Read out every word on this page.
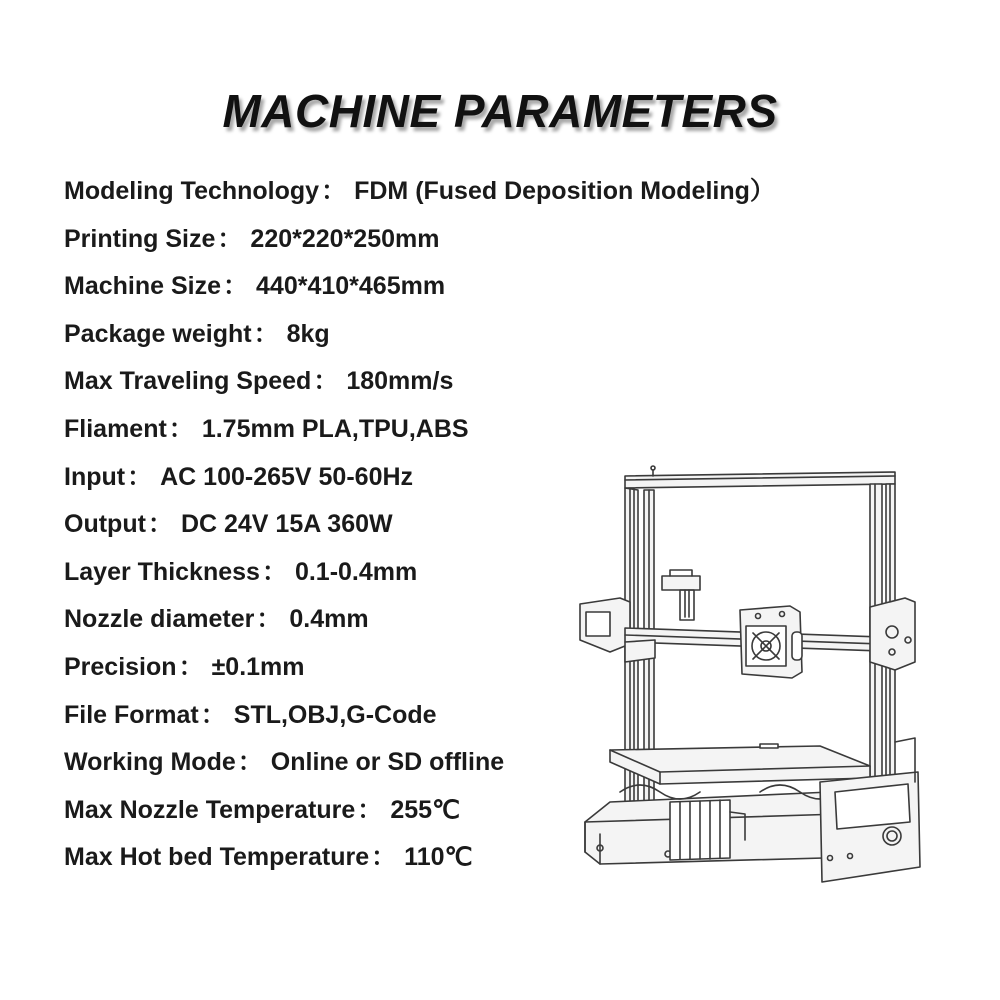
MACHINE PARAMETERS
Modeling Technology： FDM (Fused Deposition Modeling）
Printing Size： 220*220*250mm
Machine Size： 440*410*465mm
Package weight： 8kg
Max Traveling Speed： 180mm/s
Fliament： 1.75mm PLA,TPU,ABS
Input： AC 100-265V 50-60Hz
Output： DC 24V 15A 360W
Layer Thickness： 0.1-0.4mm
Nozzle diameter： 0.4mm
Precision： ±0.1mm
File Format： STL,OBJ,G-Code
Working Mode： Online or SD offline
Max Nozzle Temperature： 255℃
Max Hot bed Temperature： 110℃
